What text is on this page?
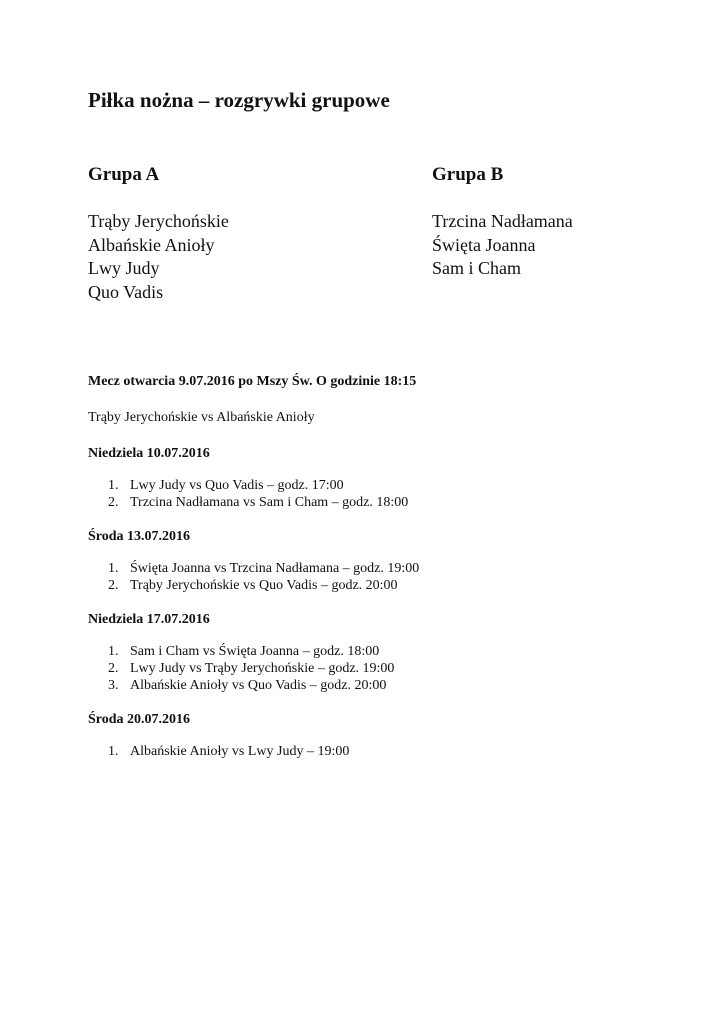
Piłka nożna – rozgrywki grupowe
Grupa A
Trąby Jerychońskie
Albańskie Anioły
Lwy Judy
Quo Vadis
Grupa B
Trzcina Nadłamana
Święta Joanna
Sam i Cham
Mecz otwarcia 9.07.2016 po Mszy Św. O godzinie 18:15
Trąby Jerychońskie vs Albańskie Anioły
Niedziela 10.07.2016
1. Lwy Judy vs Quo Vadis – godz. 17:00
2. Trzcina Nadłamana vs Sam i Cham – godz. 18:00
Środa 13.07.2016
1. Święta Joanna vs Trzcina Nadłamana – godz. 19:00
2. Trąby Jerychońskie vs Quo Vadis – godz. 20:00
Niedziela 17.07.2016
1. Sam i Cham vs Święta Joanna – godz. 18:00
2. Lwy Judy vs Trąby Jerychońskie – godz. 19:00
3. Albańskie Anioły vs Quo Vadis – godz. 20:00
Środa 20.07.2016
1. Albańskie Anioły vs Lwy Judy – 19:00
